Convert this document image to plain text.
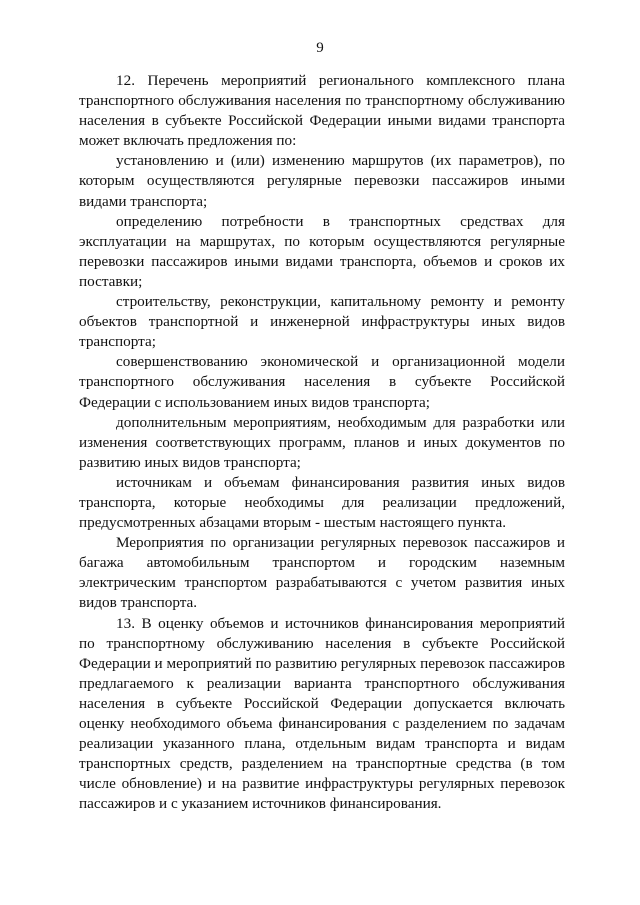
9

12. Перечень мероприятий регионального комплексного плана транспортного обслуживания населения по транспортному обслуживанию населения в субъекте Российской Федерации иными видами транспорта может включать предложения по:

установлению и (или) изменению маршрутов (их параметров), по которым осуществляются регулярные перевозки пассажиров иными видами транспорта;

определению потребности в транспортных средствах для эксплуатации на маршрутах, по которым осуществляются регулярные перевозки пассажиров иными видами транспорта, объемов и сроков их поставки;

строительству, реконструкции, капитальному ремонту и ремонту объектов транспортной и инженерной инфраструктуры иных видов транспорта;

совершенствованию экономической и организационной модели транспортного обслуживания населения в субъекте Российской Федерации с использованием иных видов транспорта;

дополнительным мероприятиям, необходимым для разработки или изменения соответствующих программ, планов и иных документов по развитию иных видов транспорта;

источникам и объемам финансирования развития иных видов транспорта, которые необходимы для реализации предложений, предусмотренных абзацами вторым - шестым настоящего пункта.

Мероприятия по организации регулярных перевозок пассажиров и багажа автомобильным транспортом и городским наземным электрическим транспортом разрабатываются с учетом развития иных видов транспорта.

13. В оценку объемов и источников финансирования мероприятий по транспортному обслуживанию населения в субъекте Российской Федерации и мероприятий по развитию регулярных перевозок пассажиров предлагаемого к реализации варианта транспортного обслуживания населения в субъекте Российской Федерации допускается включать оценку необходимого объема финансирования с разделением по задачам реализации указанного плана, отдельным видам транспорта и видам транспортных средств, разделением на транспортные средства (в том числе обновление) и на развитие инфраструктуры регулярных перевозок пассажиров и с указанием источников финансирования.
